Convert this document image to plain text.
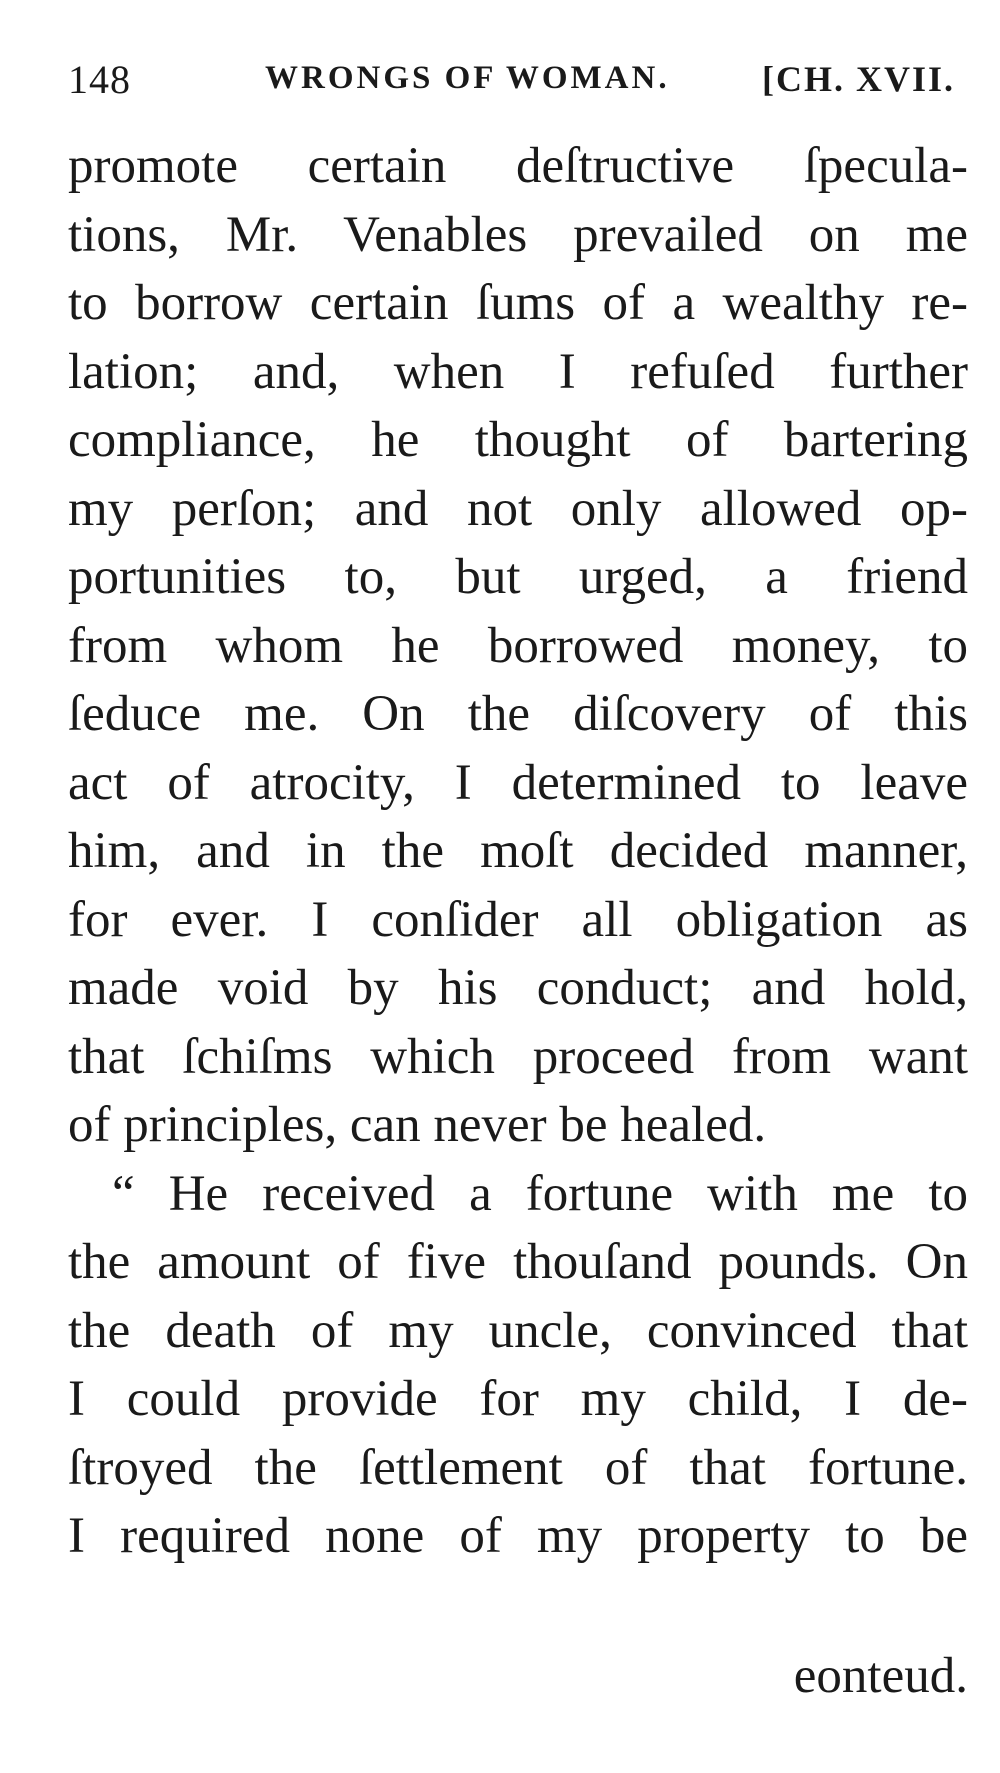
148	WRONGS OF WOMAN.	[CH. XVII.
promote certain deſtructive ſpecula-
tions, Mr. Venables prevailed on me
to borrow certain ſums of a wealthy re-
lation; and, when I refuſed further
compliance, he thought of bartering
my perſon; and not only allowed op-
portunities to, but urged, a friend
from whom he borrowed money, to
ſeduce me. On the diſcovery of this
act of atrocity, I determined to leave
him, and in the moſt decided manner,
for ever. I conſider all obligation as
made void by his conduct; and hold,
that ſchiſms which proceed from want
of principles, can never be healed.
“ He received a fortune with me to
the amount of five thouſand pounds. On
the death of my uncle, convinced that
I could provide for my child, I de-
ſtroyed the ſettlement of that fortune.
I required none of my property to be
eonteud.
